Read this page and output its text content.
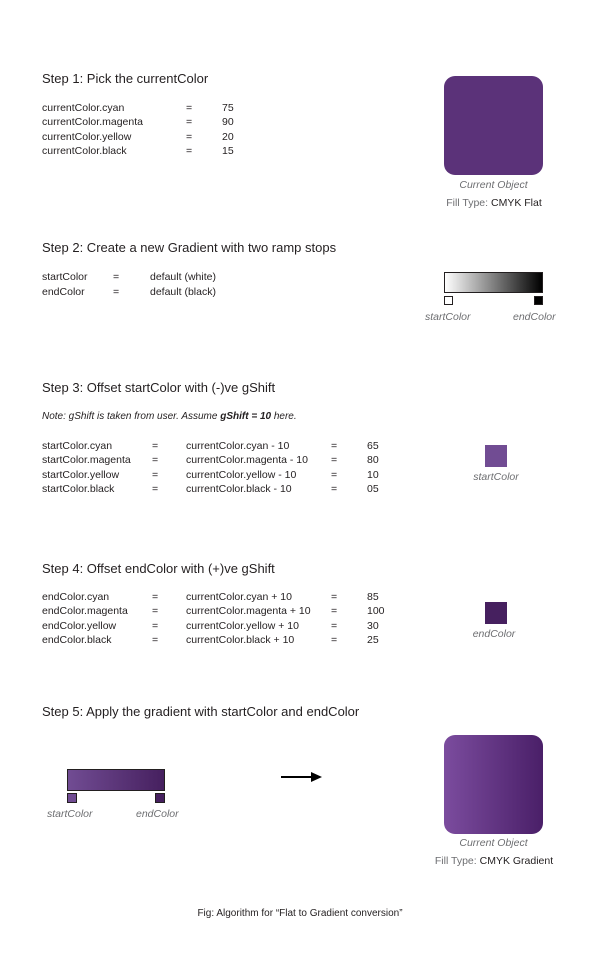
Step 1: Pick the currentColor
currentColor.cyan	=	75
currentColor.magenta	=	90
currentColor.yellow	=	20
currentColor.black	=	15
Current Object
Fill Type: CMYK Flat
Step 2: Create a new Gradient with two ramp stops
startColor =	default (white)
endColor	=	default (black)
startColor	endColor
Step 3: Offset startColor with (-)ve gShift
Note: gShift is taken from user. Assume gShift = 10 here.
startColor.cyan	=	currentColor.cyan - 10	=	65
startColor.magenta =	currentColor.magenta - 10 =	80
startColor.yellow	=	currentColor.yellow - 10	=	10
startColor.black	=	currentColor.black - 10	=	05
startColor
Step 4: Offset endColor with (+)ve gShift
endColor.cyan	=	currentColor.cyan + 10	=	85
endColor.magenta =	currentColor.magenta + 10 =	100
endColor.yellow	=	currentColor.yellow + 10	=	30
endColor.black	=	currentColor.black + 10	=	25	endColor
Step 5: Apply the gradient with startColor and endColor
startColor	endColor
Current Object
Fill Type: CMYK Gradient
Fig: Algorithm for “Flat to Gradient conversion”
